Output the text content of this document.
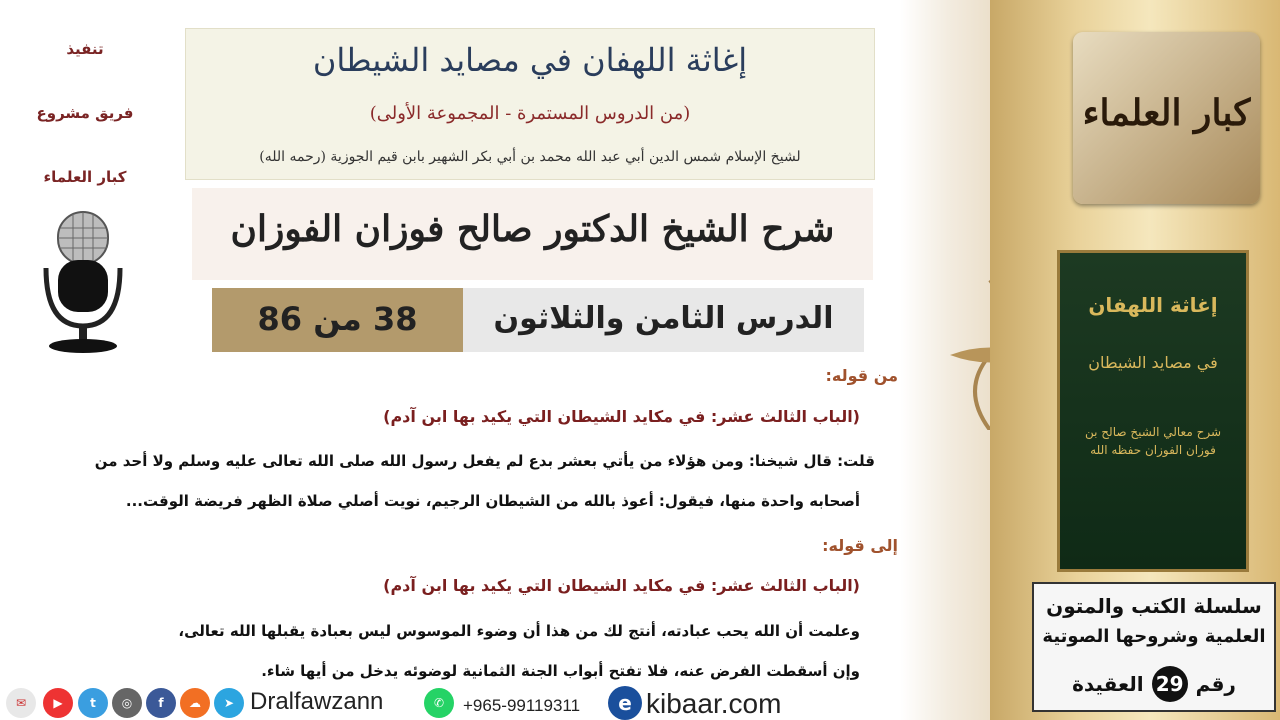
تنفيذ
فريق مشروع
كبار العلماء
إغاثة اللهفان في مصايد الشيطان
(من الدروس المستمرة - المجموعة الأولى)
لشيخ الإسلام شمس الدين أبي عبد الله محمد بن أبي بكر الشهير بابن قيم الجوزية (رحمه الله)
شرح الشيخ الدكتور صالح فوزان الفوزان
الدرس الثامن والثلاثون
38 من 86
من قوله:
(الباب الثالث عشر: في مكايد الشيطان التي يكيد بها ابن آدم)
قلت: قال شيخنا: ومن هؤلاء من يأتي بعشر بدع لم يفعل رسول الله صلى الله تعالى عليه وسلم ولا أحد من
أصحابه واحدة منها، فيقول: أعوذ بالله من الشيطان الرجيم، نويت أصلي صلاة الظهر فريضة الوقت...
إلى قوله:
(الباب الثالث عشر: في مكايد الشيطان التي يكيد بها ابن آدم)
وعلمت أن الله يحب عبادته، أنتج لك من هذا أن وضوء الموسوس ليس بعبادة يقبلها الله تعالى،
وإن أسقطت الفرض عنه، فلا تفتح أبواب الجنة الثمانية لوضوئه يدخل من أيها شاء.
كبار العلماء
إغاثة اللهفان
في مصايد الشيطان
شرح معالي الشيخ صالح بن فوزان الفوزان حفظه الله
سلسلة الكتب والمتون
العلمية وشروحها الصوتية
رقم29العقيدة
✉	▶	t	◎	f	☁	➤ Dralfawzann	✆	+965-99119311	e kibaar.com
